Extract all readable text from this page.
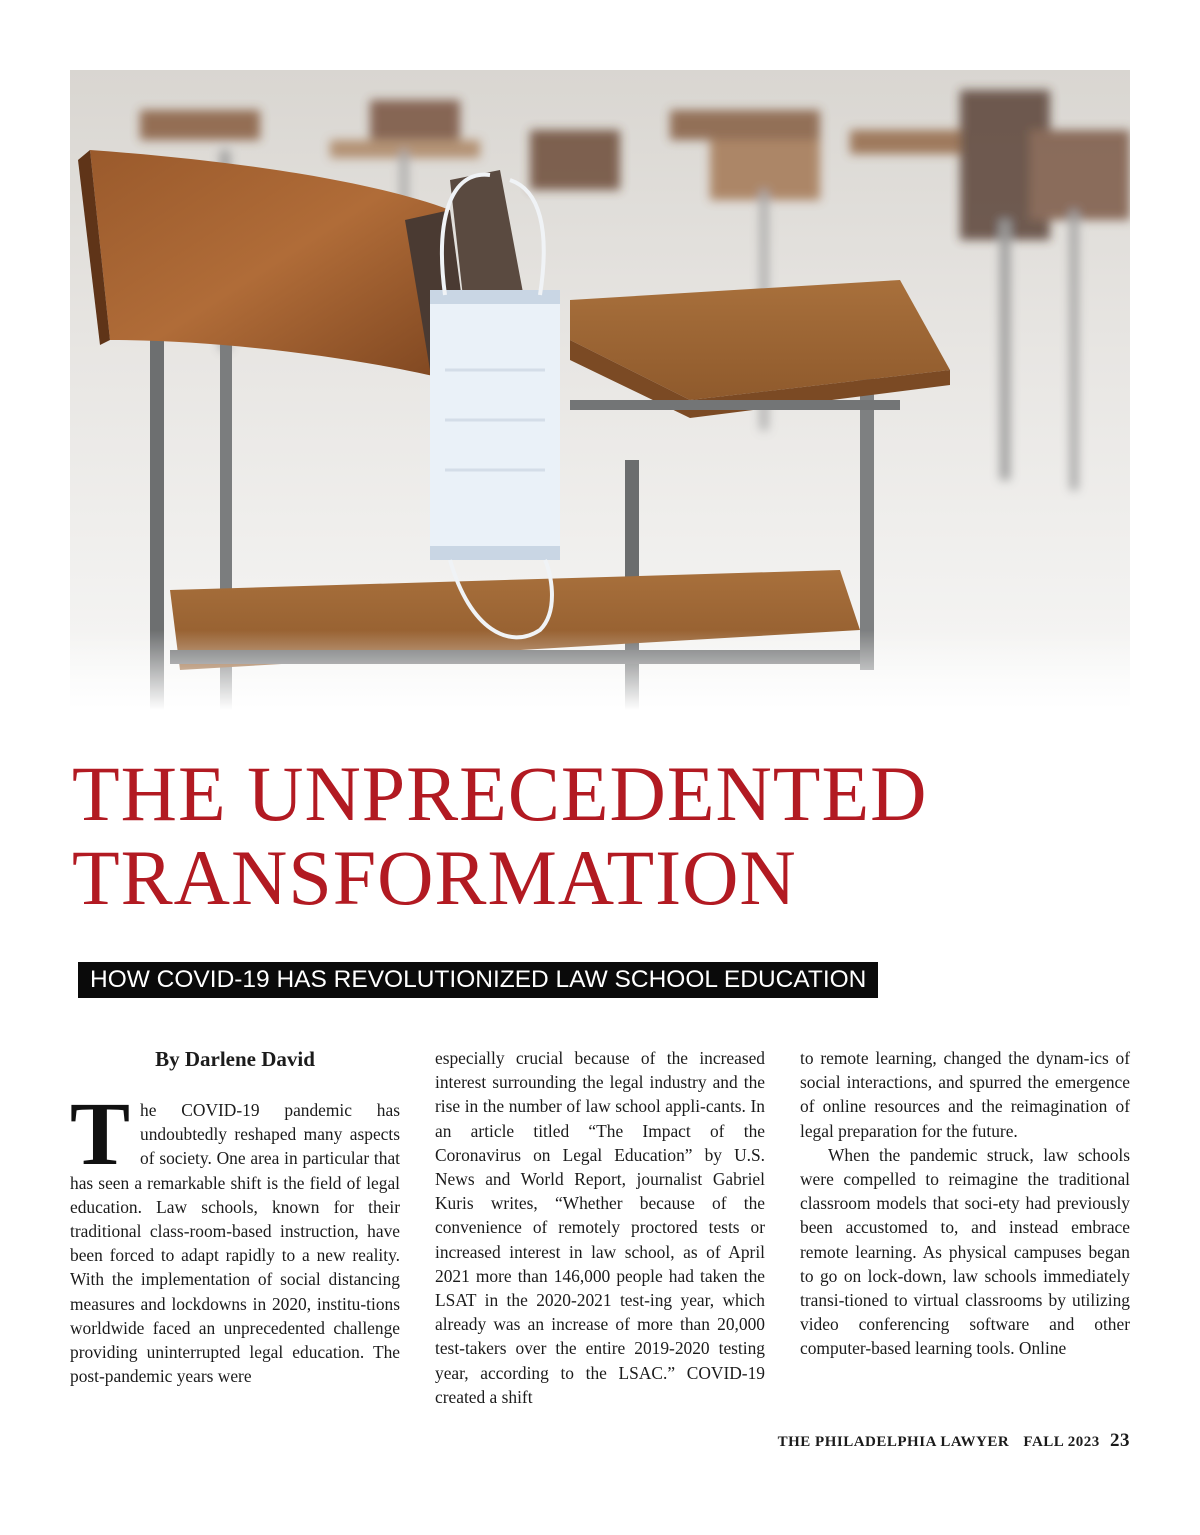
THE UNPRECEDENTED
TRANSFORMATION
HOW COVID-19 HAS REVOLUTIONIZED LAW SCHOOL EDUCATION
By Darlene David

The COVID-19 pandemic has undoubtedly reshaped many aspects of society. One area in particular that has seen a remarkable shift is the field of legal education. Law schools, known for their traditional class-room-based instruction, have been forced to adapt rapidly to a new reality. With the implementation of social distancing measures and lockdowns in 2020, institu-tions worldwide faced an unprecedented challenge providing uninterrupted legal education. The post-pandemic years were

especially crucial because of the increased interest surrounding the legal industry and the rise in the number of law school appli-cants. In an article titled “The Impact of the Coronavirus on Legal Education” by U.S. News and World Report, journalist Gabriel Kuris writes, “Whether because of the convenience of remotely proctored tests or increased interest in law school, as of April 2021 more than 146,000 people had taken the LSAT in the 2020-2021 test-ing year, which already was an increase of more than 20,000 test-takers over the entire 2019-2020 testing year, according to the LSAC.” COVID-19 created a shift

to remote learning, changed the dynam-ics of social interactions, and spurred the emergence of online resources and the reimagination of legal preparation for the future.

When the pandemic struck, law schools were compelled to reimagine the traditional classroom models that soci-ety had previously been accustomed to, and instead embrace remote learning. As physical campuses began to go on lock-down, law schools immediately transi-tioned to virtual classrooms by utilizing video conferencing software and other computer-based learning tools. Online

THE PHILADELPHIA LAWYER FALL 2023 23
